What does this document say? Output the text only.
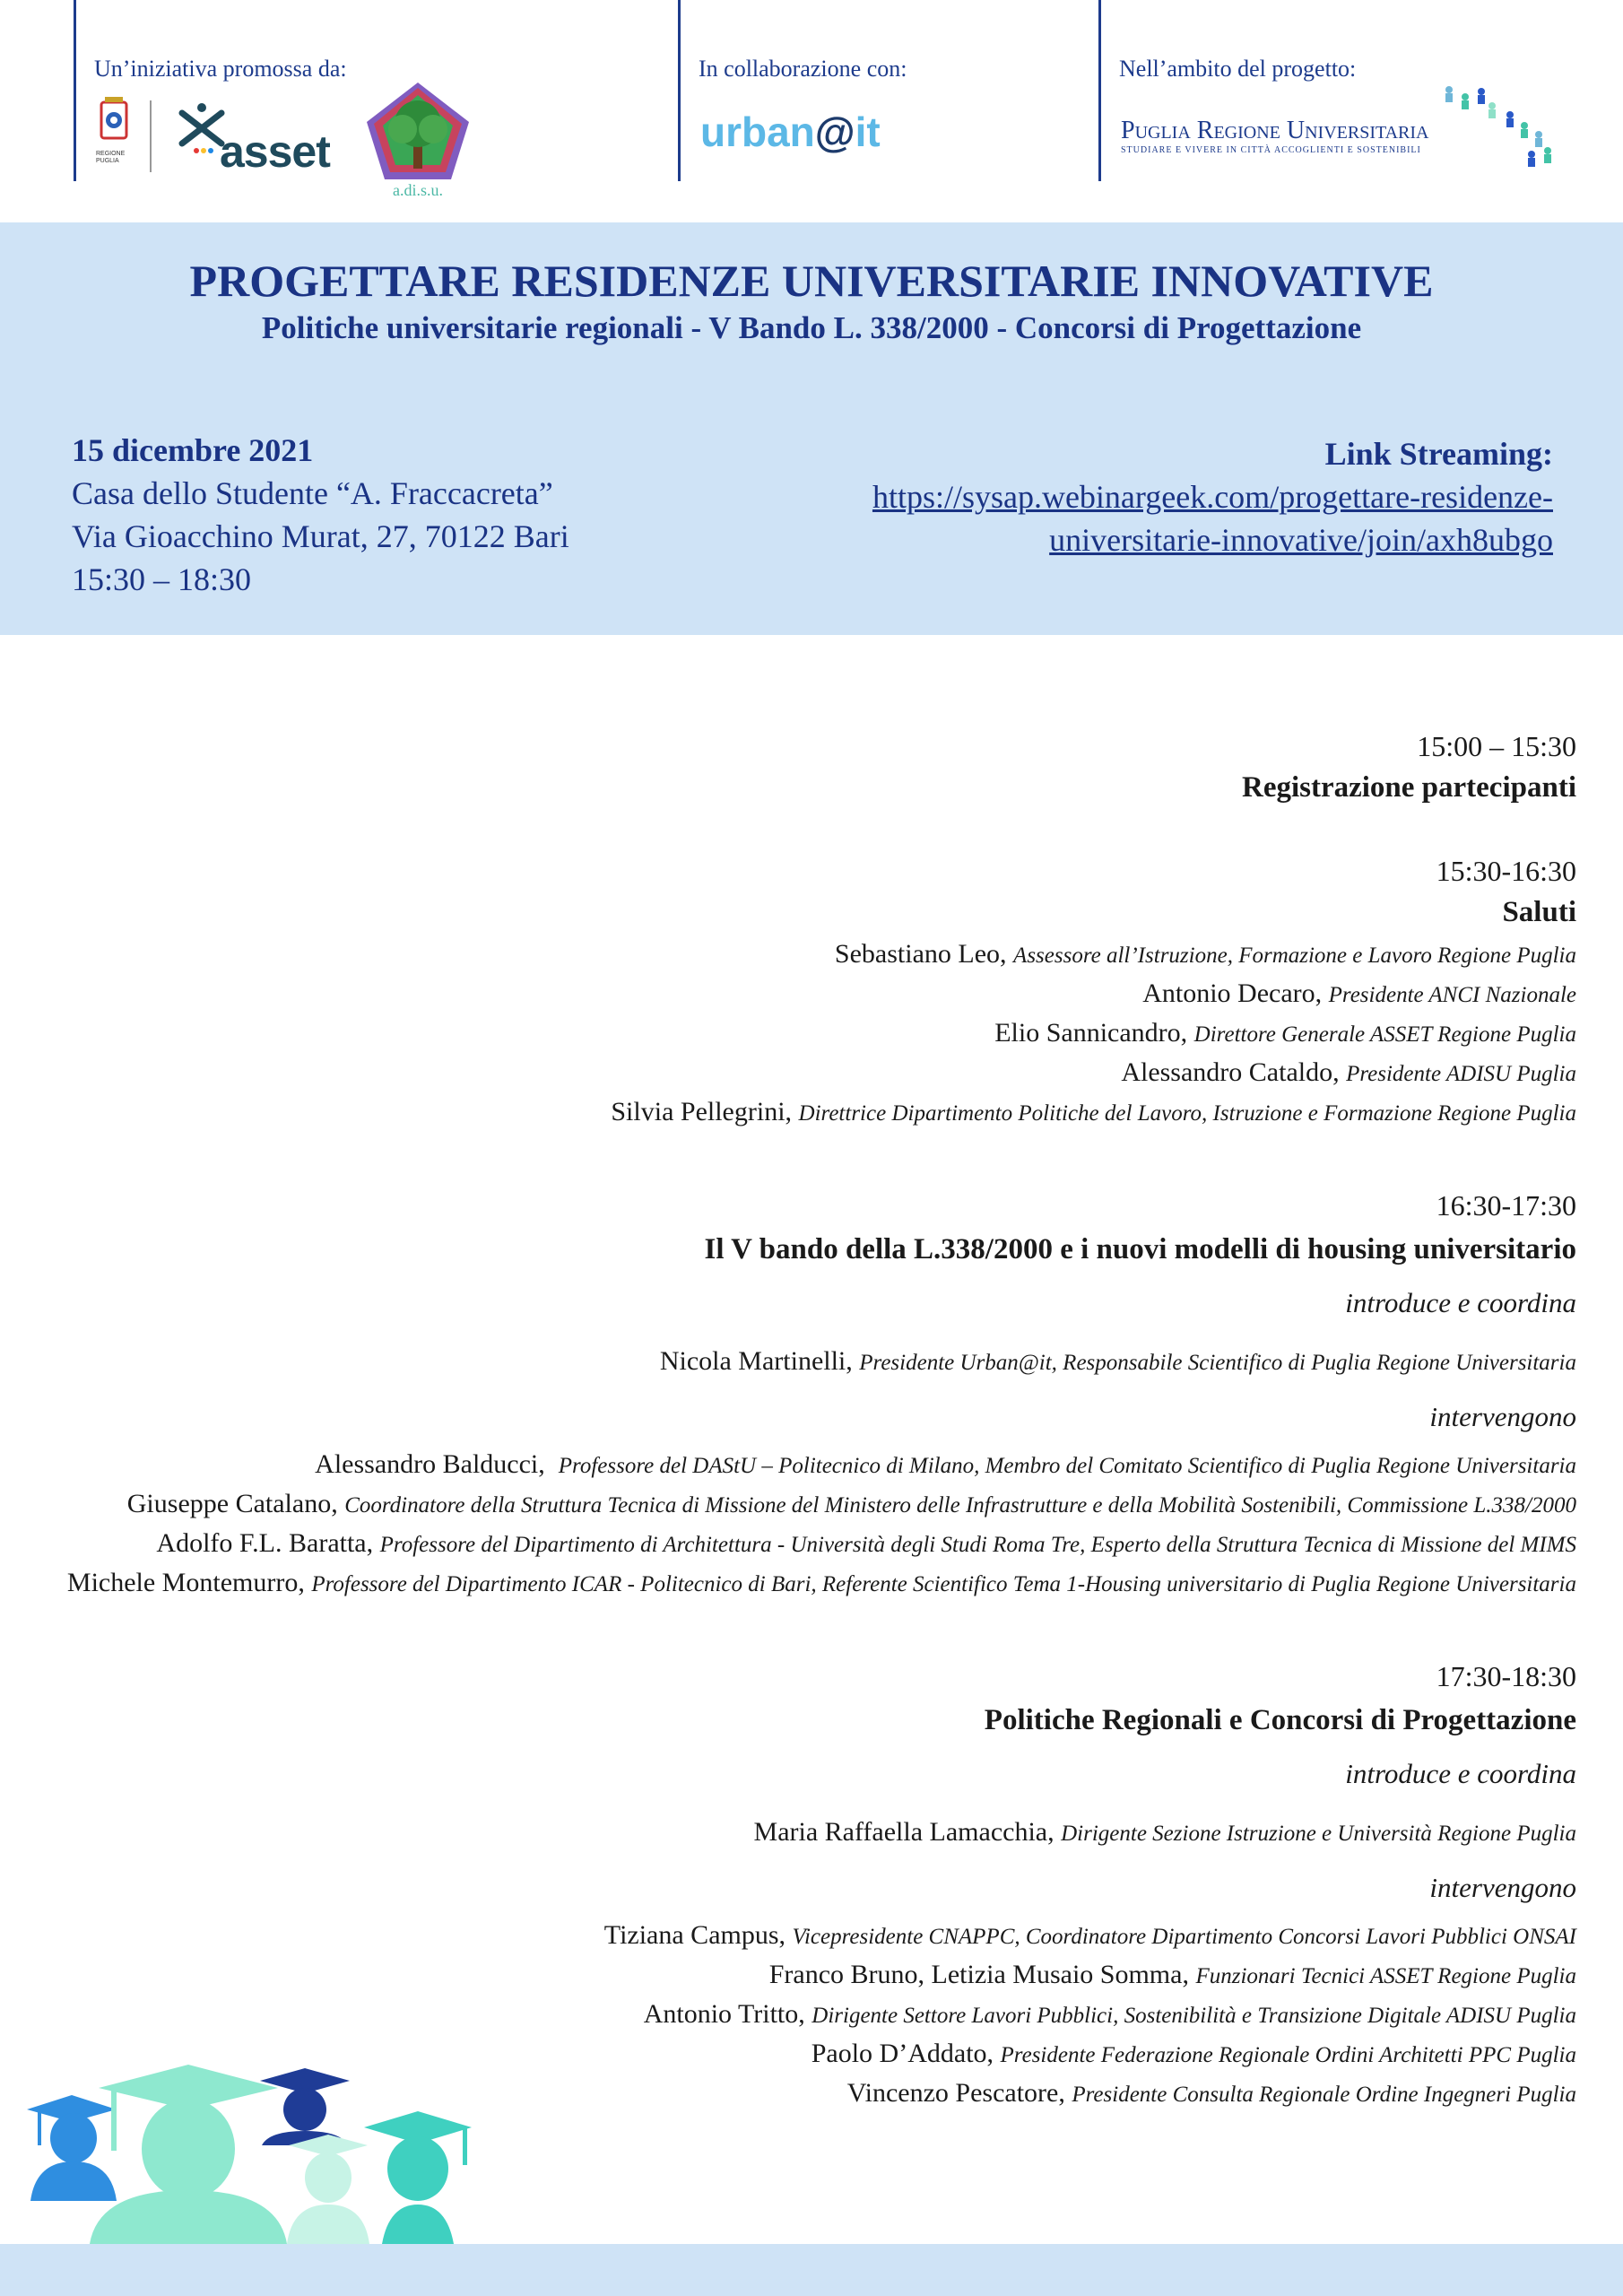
Un’iniziativa promossa da:
REGIONE PUGLIA	asset
a.di.s.u.
In collaborazione con:
urban@it
Nell’ambito del progetto:
Puglia Regione Universitaria
STUDIARE E VIVERE IN CITTÀ ACCOGLIENTI E SOSTENIBILI
PROGETTARE RESIDENZE UNIVERSITARIE INNOVATIVE
Politiche universitarie regionali - V Bando L. 338/2000 - Concorsi di Progettazione
15 dicembre 2021
Casa dello Studente “A. Fraccacreta”
Via Gioacchino Murat, 27, 70122 Bari
15:30 – 18:30
Link Streaming:
https://sysap.webinargeek.com/progettare-residenze-
universitarie-innovative/join/axh8ubgo
15:00 – 15:30
Registrazione partecipanti
15:30-16:30
Saluti
Sebastiano Leo, Assessore all’Istruzione, Formazione e Lavoro Regione Puglia
Antonio Decaro, Presidente ANCI Nazionale
Elio Sannicandro, Direttore Generale ASSET Regione Puglia
Alessandro Cataldo, Presidente ADISU Puglia
Silvia Pellegrini, Direttrice Dipartimento Politiche del Lavoro, Istruzione e Formazione Regione Puglia
16:30-17:30
Il V bando della L.338/2000 e i nuovi modelli di housing universitario
introduce e coordina
Nicola Martinelli, Presidente Urban@it, Responsabile Scientifico di Puglia Regione Universitaria
intervengono
Alessandro Balducci, Professore del DAStU – Politecnico di Milano, Membro del Comitato Scientifico di Puglia Regione Universitaria
Giuseppe Catalano, Coordinatore della Struttura Tecnica di Missione del Ministero delle Infrastrutture e della Mobilità Sostenibili, Commissione L.338/2000
Adolfo F.L. Baratta, Professore del Dipartimento di Architettura - Università degli Studi Roma Tre, Esperto della Struttura Tecnica di Missione del MIMS
Michele Montemurro, Professore del Dipartimento ICAR - Politecnico di Bari, Referente Scientifico Tema 1-Housing universitario di Puglia Regione Universitaria
17:30-18:30
Politiche Regionali e Concorsi di Progettazione
introduce e coordina
Maria Raffaella Lamacchia, Dirigente Sezione Istruzione e Università Regione Puglia
intervengono
Tiziana Campus, Vicepresidente CNAPPC, Coordinatore Dipartimento Concorsi Lavori Pubblici ONSAI
Franco Bruno, Letizia Musaio Somma, Funzionari Tecnici ASSET Regione Puglia
Antonio Tritto, Dirigente Settore Lavori Pubblici, Sostenibilità e Transizione Digitale ADISU Puglia
Paolo D’Addato, Presidente Federazione Regionale Ordini Architetti PPC Puglia
Vincenzo Pescatore, Presidente Consulta Regionale Ordine Ingegneri Puglia
